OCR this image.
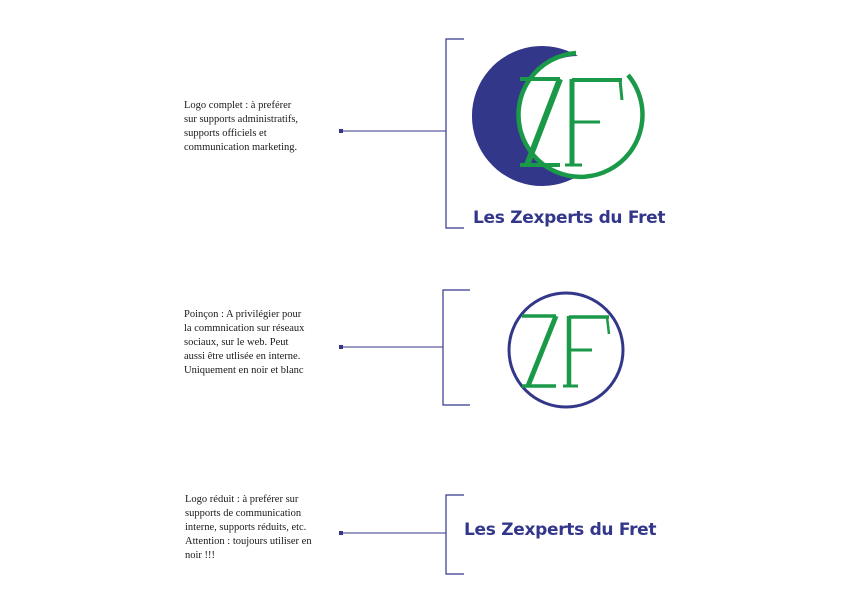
Logo complet : à preférer
sur supports administratifs,
supports officiels et
communication marketing.
Poinçon : A privilégier pour
la commnication sur réseaux
sociaux, sur le web. Peut
aussi être utlisée en interne.
Uniquement en noir et blanc
Logo réduit : à preférer sur
supports de communication
interne, supports réduits, etc.
Attention : toujours utiliser en
noir !!!
Les Zexperts du Fret
Les Zexperts du Fret
